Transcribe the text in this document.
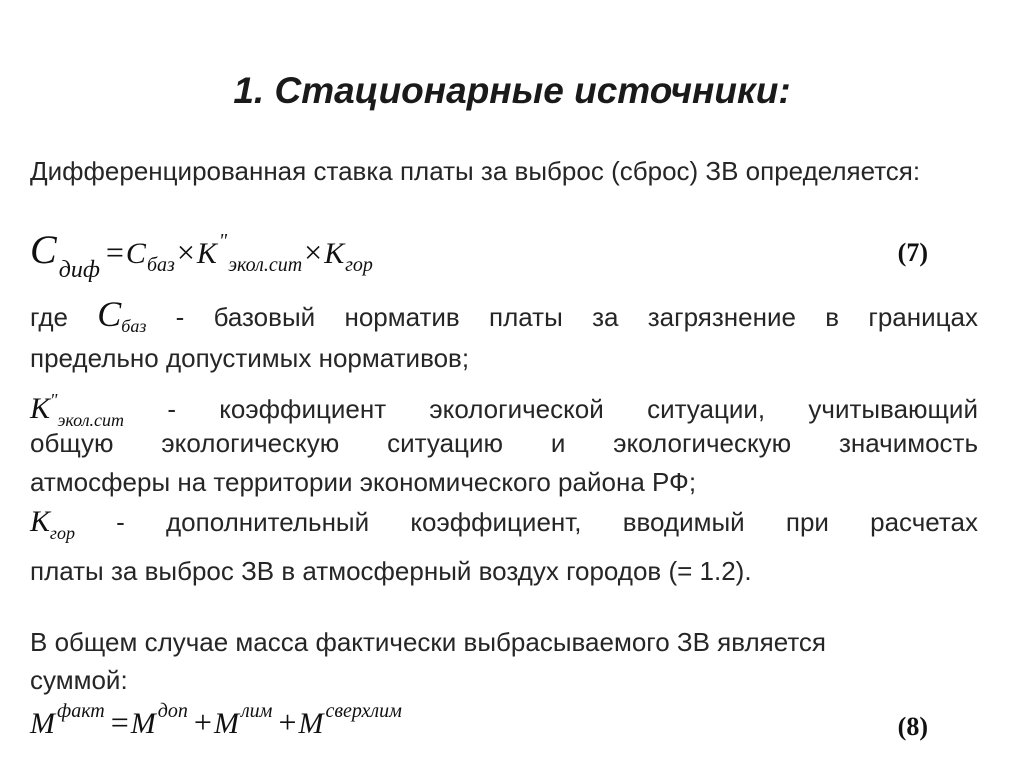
1. Стационарные источники:
Дифференцированная ставка платы за выброс (сброс) ЗВ определяется:
Сдиф =Сбаз×К "экол.сит×Кгор	(7)
где $С_{баз}$ - базовый норматив платы за загрязнение в границах
предельно допустимых нормативов;
$К^"_{экол.сит}$ - коэффициент экологической ситуации, учитывающий
общую экологическую ситуацию и экологическую значимость
атмосферы на территории экономического района РФ;
$К_{гор}$ - дополнительный коэффициент, вводимый при расчетах
платы за выброс ЗВ в атмосферный воздух городов (= 1.2).
В общем случае масса фактически выбрасываемого ЗВ является
суммой:
Мфакт =М доп +М лим +М сверхлим
(8)
